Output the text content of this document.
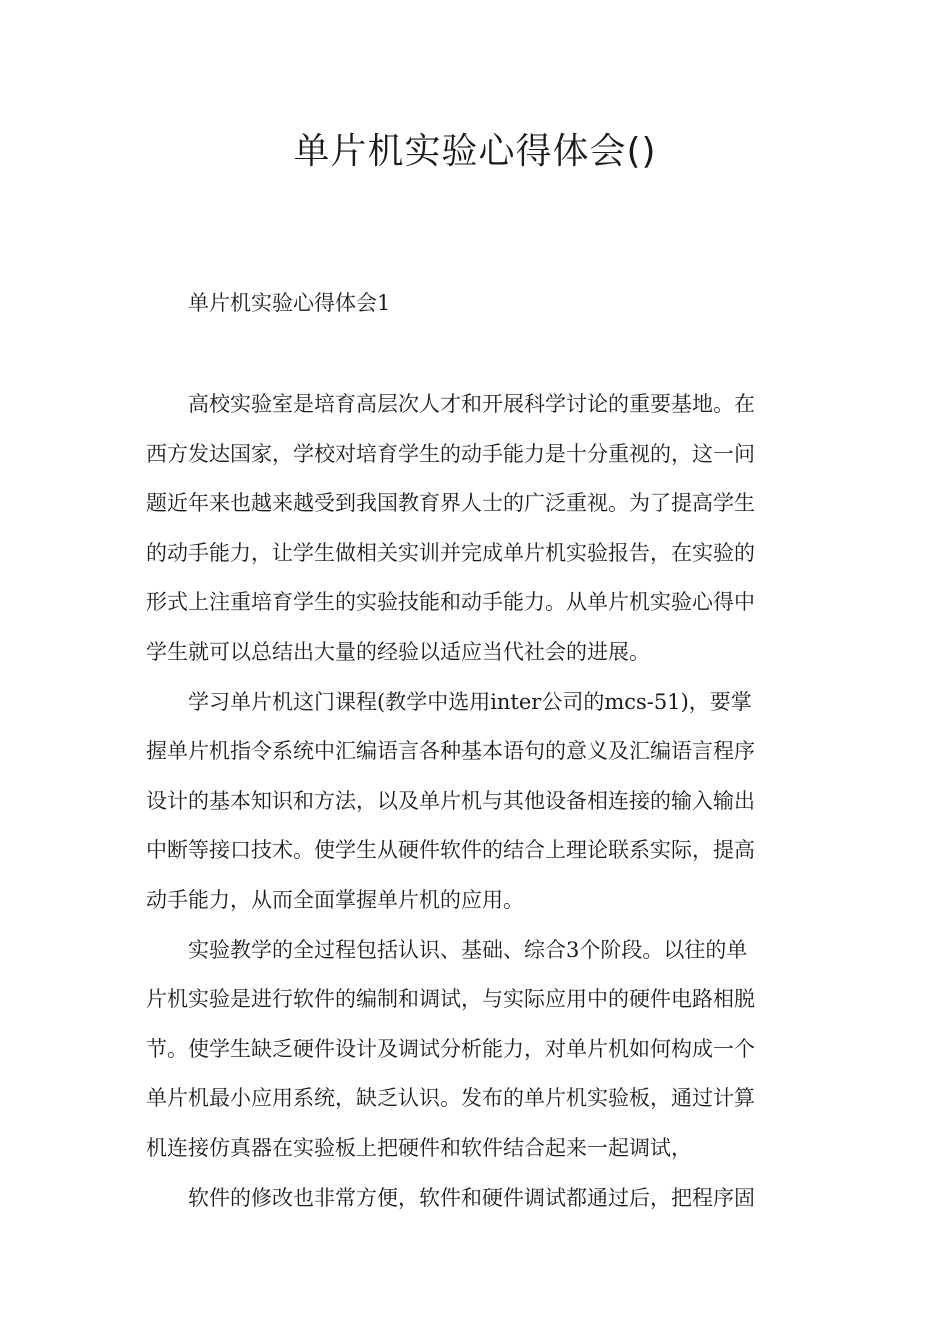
单片机实验心得体会()

单片机实验心得体会1

高校实验室是培育高层次人才和开展科学讨论的重要基地。在
西方发达国家，学校对培育学生的动手能力是十分重视的，这一问
题近年来也越来越受到我国教育界人士的广泛重视。为了提高学生
的动手能力，让学生做相关实训并完成单片机实验报告，在实验的
形式上注重培育学生的实验技能和动手能力。从单片机实验心得中
学生就可以总结出大量的经验以适应当代社会的进展。

学习单片机这门课程(教学中选用inter公司的mcs-51)，要掌
握单片机指令系统中汇编语言各种基本语句的意义及汇编语言程序
设计的基本知识和方法，以及单片机与其他设备相连接的输入输出
中断等接口技术。使学生从硬件软件的结合上理论联系实际，提高
动手能力，从而全面掌握单片机的应用。

实验教学的全过程包括认识、基础、综合3个阶段。以往的单
片机实验是进行软件的编制和调试，与实际应用中的硬件电路相脱
节。使学生缺乏硬件设计及调试分析能力，对单片机如何构成一个
单片机最小应用系统，缺乏认识。发布的单片机实验板，通过计算
机连接仿真器在实验板上把硬件和软件结合起来一起调试，

软件的修改也非常方便，软件和硬件调试都通过后，把程序固
